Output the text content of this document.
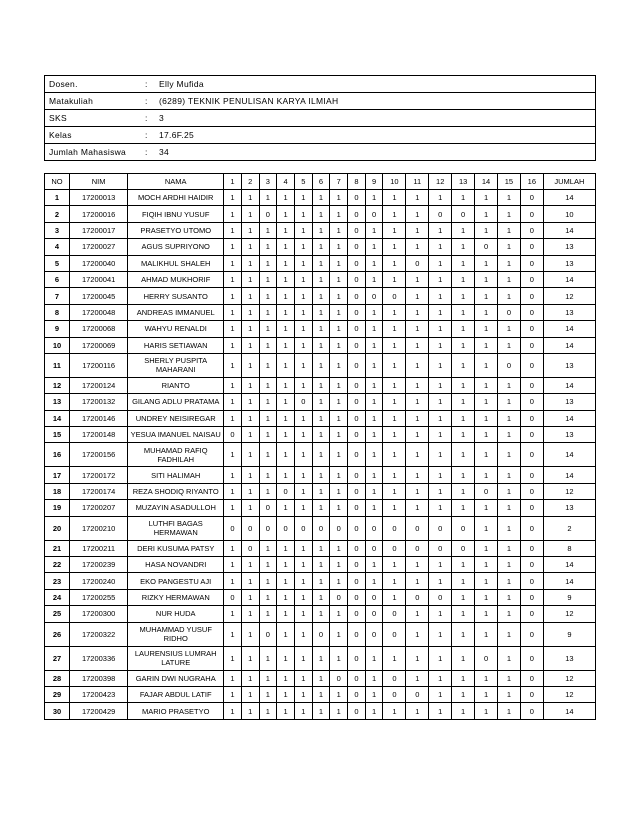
Dosen.	: Elly Mufida
Matakuliah	: (6289) TEKNIK PENULISAN KARYA ILMIAH
SKS	: 3
Kelas	: 17.6F.25
Jumlah Mahasiswa	: 34
NO	NIM	NAMA	1	2	3	4	5	6	7	8	9	10	11	12	13	14	15	16	JUMLAH
1	17200013	MOCH ARDHI HAIDIR	1	1	1	1	1	1	1	0	1	1	1	1	1	1	1	0	14
2	17200016	FIQIH IBNU YUSUF	1	1	0	1	1	1	1	0	0	1	1	0	0	1	1	0	10
3	17200017	PRASETYO UTOMO	1	1	1	1	1	1	1	0	1	1	1	1	1	1	1	0	14
4	17200027	AGUS SUPRIYONO	1	1	1	1	1	1	1	0	1	1	1	1	1	0	1	0	13
5	17200040	MALIKHUL SHALEH	1	1	1	1	1	1	1	0	1	1	0	1	1	1	1	0	13
6	17200041	AHMAD MUKHORIF	1	1	1	1	1	1	1	0	1	1	1	1	1	1	1	0	14
7	17200045	HERRY SUSANTO	1	1	1	1	1	1	1	0	0	0	1	1	1	1	1	0	12
8	17200048	ANDREAS IMMANUEL	1	1	1	1	1	1	1	0	1	1	1	1	1	1	0	0	13
9	17200068	WAHYU RENALDI	1	1	1	1	1	1	1	0	1	1	1	1	1	1	1	0	14
10	17200069	HARIS SETIAWAN	1	1	1	1	1	1	1	0	1	1	1	1	1	1	1	0	14
11	17200116	SHERLY PUSPITA MAHARANI	1	1	1	1	1	1	1	0	1	1	1	1	1	1	0	0	13
12	17200124	RIANTO	1	1	1	1	1	1	1	0	1	1	1	1	1	1	1	0	14
13	17200132	GILANG ADLU PRATAMA	1	1	1	1	0	1	1	0	1	1	1	1	1	1	1	0	13
14	17200146	UNDREY NEISIREGAR	1	1	1	1	1	1	1	0	1	1	1	1	1	1	1	0	14
15	17200148	YESUA IMANUEL NAISAU	0	1	1	1	1	1	1	0	1	1	1	1	1	1	1	0	13
16	17200156	MUHAMAD RAFIQ FADHILAH	1	1	1	1	1	1	1	0	1	1	1	1	1	1	1	0	14
17	17200172	SITI HALIMAH	1	1	1	1	1	1	1	0	1	1	1	1	1	1	1	0	14
18	17200174	REZA SHODIQ RIYANTO	1	1	1	0	1	1	1	0	1	1	1	1	1	0	1	0	12
19	17200207	MUZAYIN ASADULLOH	1	1	0	1	1	1	1	0	1	1	1	1	1	1	1	0	13
20	17200210	LUTHFI BAGAS HERMAWAN	0	0	0	0	0	0	0	0	0	0	0	0	0	1	1	0	2
21	17200211	DERI KUSUMA PATSY	1	0	1	1	1	1	1	0	0	0	0	0	0	1	1	0	8
22	17200239	HASA NOVANDRI	1	1	1	1	1	1	1	0	1	1	1	1	1	1	1	0	14
23	17200240	EKO PANGESTU AJI	1	1	1	1	1	1	1	0	1	1	1	1	1	1	1	0	14
24	17200255	RIZKY HERMAWAN	0	1	1	1	1	1	0	0	0	1	0	0	1	1	1	0	9
25	17200300	NUR HUDA	1	1	1	1	1	1	1	0	0	0	1	1	1	1	1	0	12
26	17200322	MUHAMMAD YUSUF RIDHO	1	1	0	1	1	0	1	0	0	0	1	1	1	1	1	0	9
27	17200336	LAURENSIUS LUMRAH LATURE	1	1	1	1	1	1	1	0	1	1	1	1	1	0	1	0	13
28	17200398	GARIN DWI NUGRAHA	1	1	1	1	1	1	0	0	1	0	1	1	1	1	1	0	12
29	17200423	FAJAR ABDUL LATIF	1	1	1	1	1	1	1	0	1	0	0	1	1	1	1	0	12
30	17200429	MARIO PRASETYO	1	1	1	1	1	1	1	0	1	1	1	1	1	1	1	0	14
